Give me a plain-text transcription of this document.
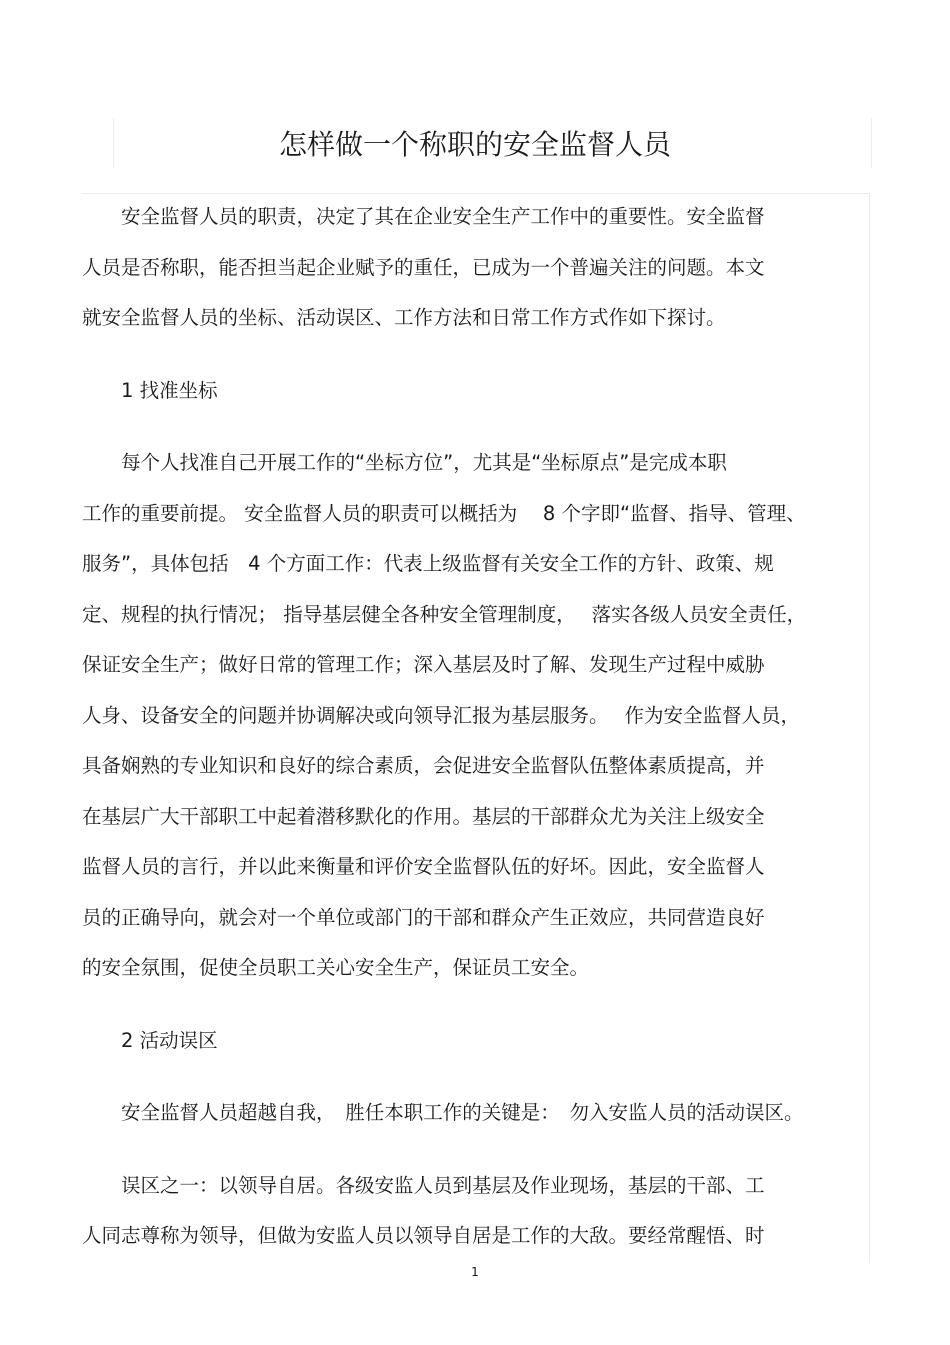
怎样做一个称职的安全监督人员

安全监督人员的职责，决定了其在企业安全生产工作中的重要性。安全监督

人员是否称职，能否担当起企业赋予的重任，已成为一个普遍关注的问题。本文

就安全监督人员的坐标、活动误区、工作方法和日常工作方式作如下探讨。

1 找准坐标

每个人找准自己开展工作的“坐标方位”，尤其是“坐标原点”是完成本职

工作的重要前提。 安全监督人员的职责可以概括为　 8 个字即“监督、指导、管理、

服务”，具体包括　4 个方面工作：代表上级监督有关安全工作的方针、政策、规

定、规程的执行情况； 指导基层健全各种安全管理制度，　 落实各级人员安全责任，

保证安全生产；做好日常的管理工作；深入基层及时了解、发现生产过程中威胁

人身、设备安全的问题并协调解决或向领导汇报为基层服务。　 作为安全监督人员，

具备娴熟的专业知识和良好的综合素质，会促进安全监督队伍整体素质提高，并

在基层广大干部职工中起着潜移默化的作用。基层的干部群众尤为关注上级安全

监督人员的言行，并以此来衡量和评价安全监督队伍的好坏。因此，安全监督人

员的正确导向，就会对一个单位或部门的干部和群众产生正效应，共同营造良好

的安全氛围，促使全员职工关心安全生产，保证员工安全。

2 活动误区

安全监督人员超越自我，　胜任本职工作的关键是：　勿入安监人员的活动误区。

误区之一：以领导自居。各级安监人员到基层及作业现场，基层的干部、工

人同志尊称为领导，但做为安监人员以领导自居是工作的大敌。要经常醒悟、时

1
